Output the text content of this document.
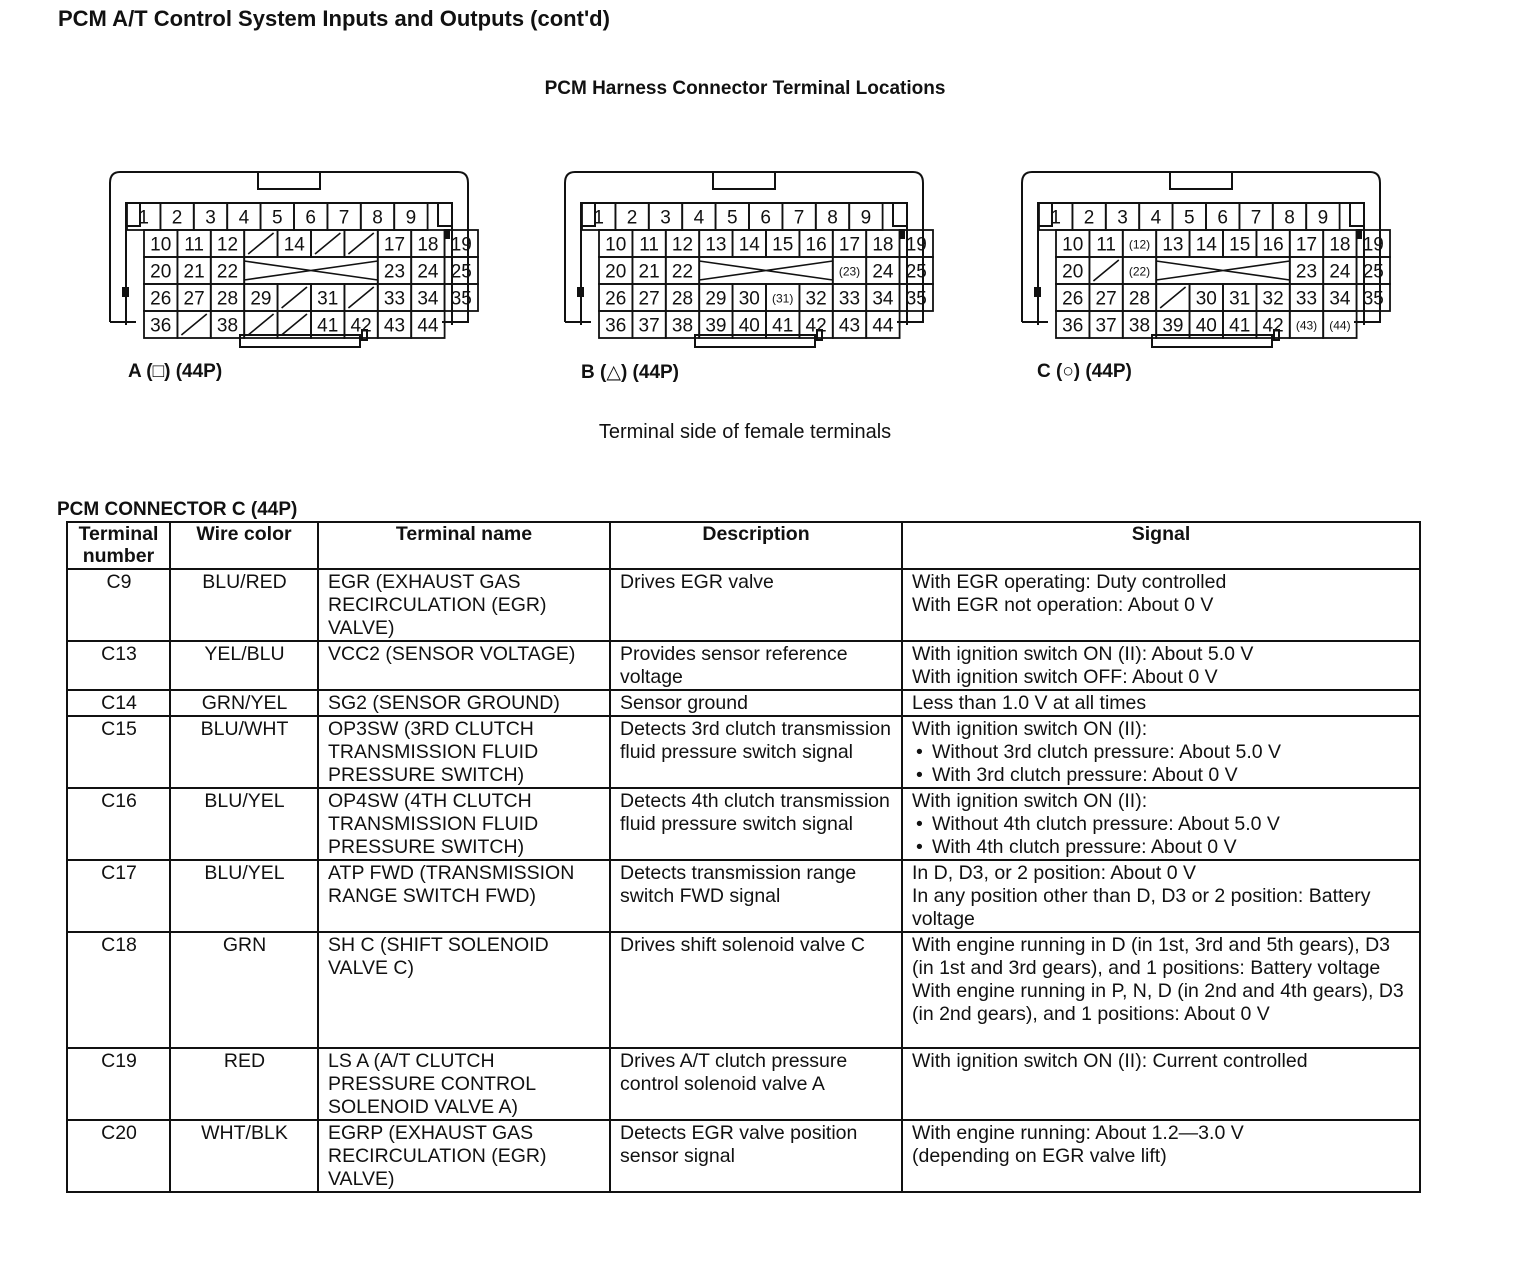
PCM A/T Control System Inputs and Outputs (cont'd)
PCM Harness Connector Terminal Locations
1 2 3 4 5 6 7 8 9
10 11 12 14	17 18 19
20 21 22	23 24 25
26 27 28 29 31 33 34 35
36 38	41 42 43 44
1 2 3 4 5 6 7 8 9
10 11 12 13 14 15 16 17 18 19
20 21 22	(23) 24 25
26 27 28 29 30 (31) 32 33 34 35
36 37 38 39 40 41 42 43 44
1 2 3 4 5 6 7 8 9
10 11 (12) 13 14 15 16 17 18 19
20	(22)	23 24 25
26 27 28 30 31 32 33 34 35
36 37 38 39 40 41 42 (43) (44)
A (□) (44P)	B (△) (44P)	C (○) (44P)
Terminal side of female terminals
PCM CONNECTOR C (44P)
Terminal number	Wire color	Terminal name	Description	Signal
C9	BLU/RED	EGR (EXHAUST GAS RECIRCULATION (EGR) VALVE)	Drives EGR valve	With EGR operating: Duty controlled
With EGR not operation: About 0 V

C13	YEL/BLU	VCC2 (SENSOR VOLTAGE)	Provides sensor reference voltage	With ignition switch ON (II): About 5.0 V
With ignition switch OFF: About 0 V

C14	GRN/YEL	SG2 (SENSOR GROUND)	Sensor ground	Less than 1.0 V at all times

C15	BLU/WHT	OP3SW (3RD CLUTCH TRANSMISSION FLUID PRESSURE SWITCH)	Detects 3rd clutch transmission fluid pressure switch signal	With ignition switch ON (II):
• Without 3rd clutch pressure: About 5.0 V
• With 3rd clutch pressure: About 0 V

C16	BLU/YEL	OP4SW (4TH CLUTCH TRANSMISSION FLUID PRESSURE SWITCH)	Detects 4th clutch transmission fluid pressure switch signal	With ignition switch ON (II):
• Without 4th clutch pressure: About 5.0 V
• With 4th clutch pressure: About 0 V

C17	BLU/YEL	ATP FWD (TRANSMISSION RANGE SWITCH FWD)	Detects transmission range switch FWD signal	In D, D3, or 2 position: About 0 V
In any position other than D, D3 or 2 position: Battery voltage

C18	GRN	SH C (SHIFT SOLENOID VALVE C)	Drives shift solenoid valve C	With engine running in D (in 1st, 3rd and 5th gears), D3 (in 1st and 3rd gears), and 1 positions: Battery voltage
With engine running in P, N, D (in 2nd and 4th gears), D3 (in 2nd gears), and 1 positions: About 0 V

C19	RED	LS A (A/T CLUTCH PRESSURE CONTROL SOLENOID VALVE A)	Drives A/T clutch pressure control solenoid valve A	With ignition switch ON (II): Current controlled

C20	WHT/BLK	EGRP (EXHAUST GAS RECIRCULATION (EGR) VALVE)	Detects EGR valve position sensor signal	With engine running: About 1.2—3.0 V
(depending on EGR valve lift)
